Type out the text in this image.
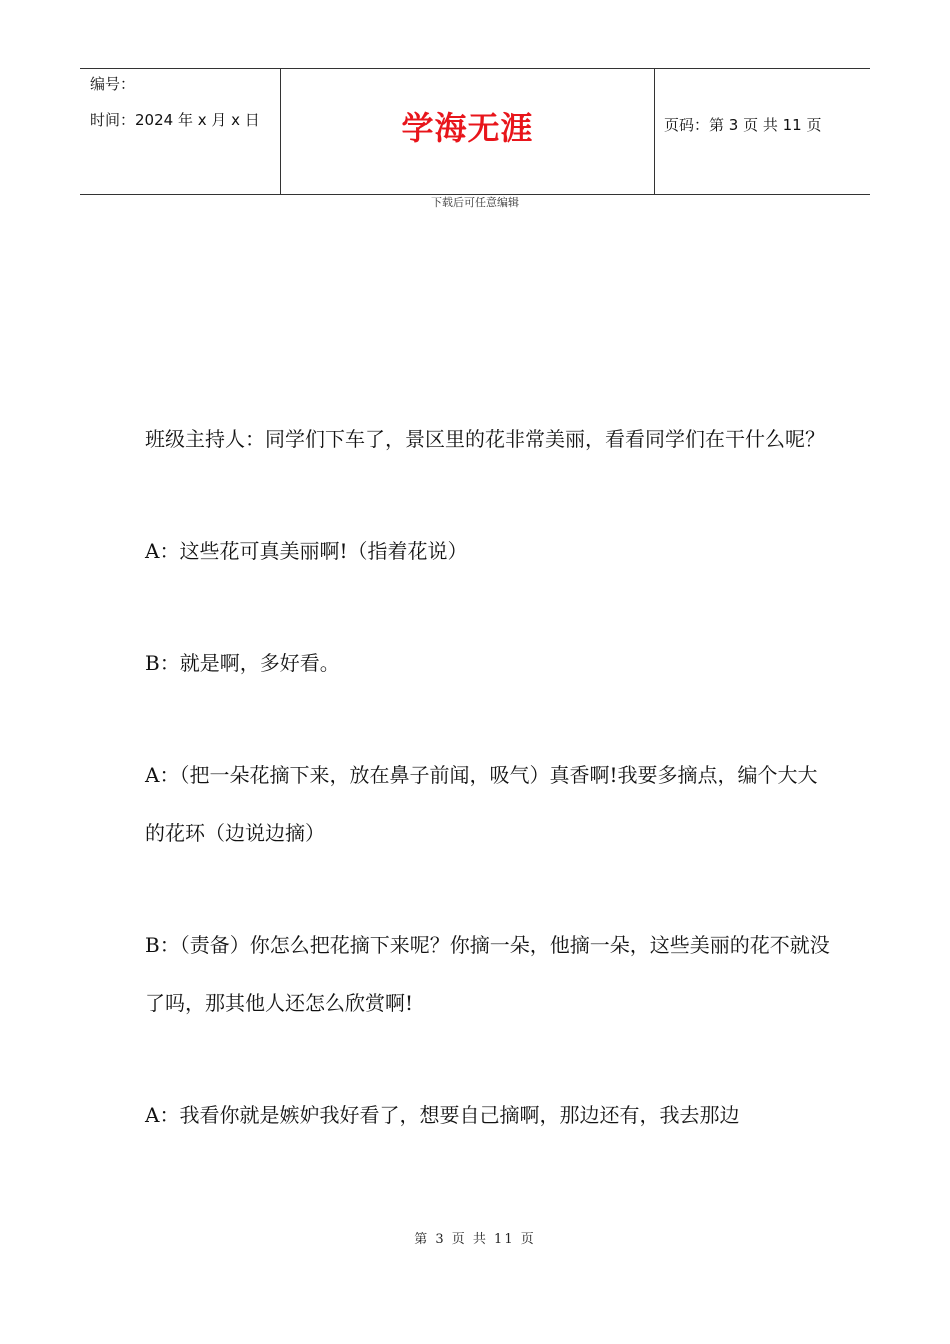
编号：
时间：2024 年 x 月 x 日	学海无涯	页码：第 3 页 共 11 页
下载后可任意编辑

班级主持人：同学们下车了，景区里的花非常美丽，看看同学们在干什么呢？

A：这些花可真美丽啊!（指着花说）

B：就是啊，多好看。

A：（把一朵花摘下来，放在鼻子前闻，吸气）真香啊!我要多摘点，编个大大的花环（边说边摘）

B：（责备）你怎么把花摘下来呢？你摘一朵，他摘一朵，这些美丽的花不就没了吗，那其他人还怎么欣赏啊!

A：我看你就是嫉妒我好看了，想要自己摘啊，那边还有，我去那边

第 3 页 共 11 页
